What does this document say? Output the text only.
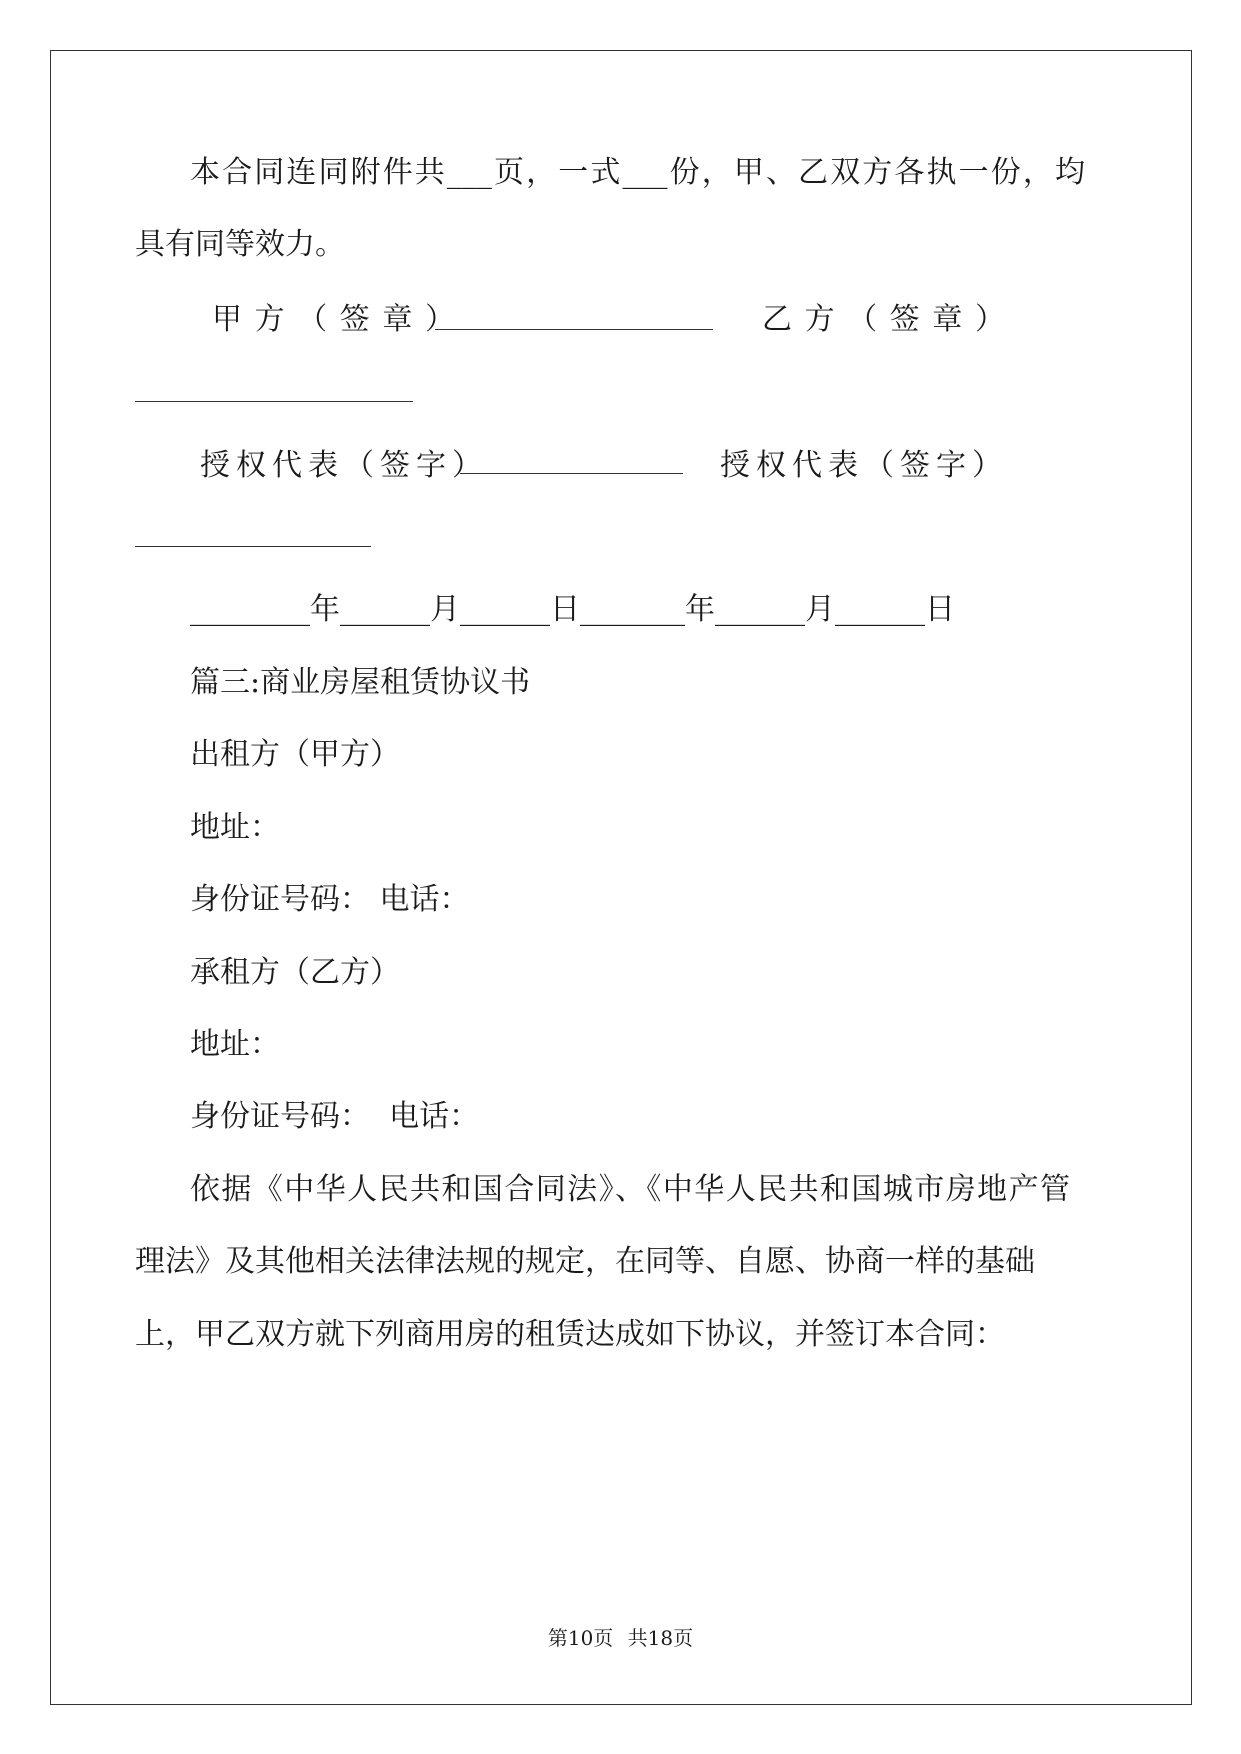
本合同连同附件共___页，一式___份，甲、乙双方各执一份，均
具有同等效力。
甲方（签章）	乙方（签章）
授权代表（签字）	授权代表（签字）
________年______月______日 _______年______月______日
篇三:商业房屋租赁协议书
出租方（甲方）
地址：
身份证号码： 电话：
承租方（乙方）
地址：
身份证号码：  电话：
依据《中华人民共和国合同法》、《中华人民共和国城市房地产管
理法》及其他相关法律法规的规定，在同等、自愿、协商一样的基础
上，甲乙双方就下列商用房的租赁达成如下协议，并签订本合同：
第10页 共18页
